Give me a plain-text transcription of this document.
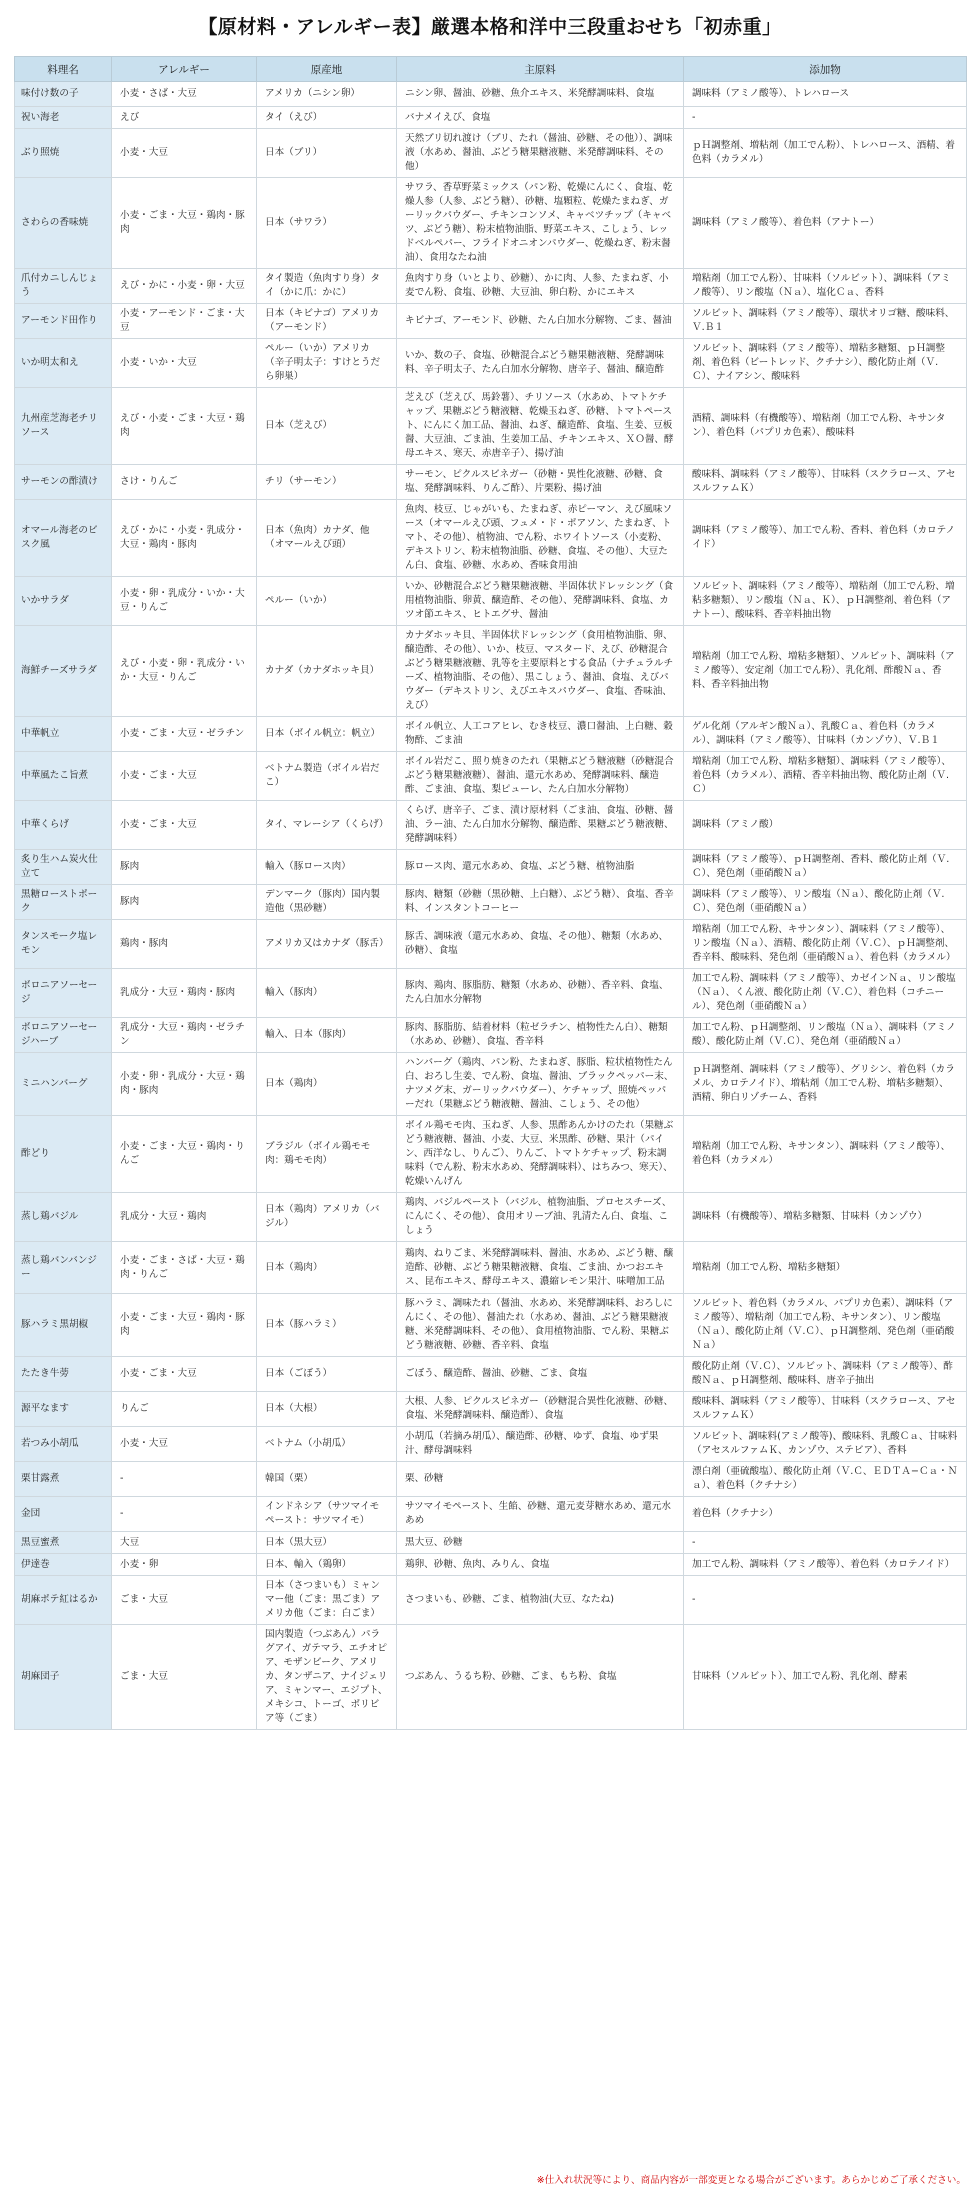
【原材料・アレルギー表】厳選本格和洋中三段重おせち「初赤重」
料理名	アレルギー	原産地	主原料	添加物
味付け数の子	小麦・さば・大豆	アメリカ（ニシン卵）	ニシン卵、醤油、砂糖、魚介エキス、米発酵調味料、食塩	調味料（アミノ酸等）、トレハロース
祝い海老	えび	タイ（えび）	バナメイえび、食塩	-
ぶり照焼	小麦・大豆	日本（ブリ）	天然ブリ切れ渡け（ブリ、たれ（醤油、砂糖、その他））、調味液（水あめ、醤油、ぶどう糖果糖液糖、米発酵調味料、その他）	ｐＨ調整剤、増粘剤（加工でん粉）、トレハロース、酒精、着色料（カラメル）
さわらの香味焼	小麦・ごま・大豆・鶏肉・豚肉	日本（サワラ）	サワラ、香草野菜ミックス（パン粉、乾燥にんにく、食塩、乾燥人参（人参、ぶどう糖）、砂糖、塩顆粒、乾燥たまねぎ、ガーリックパウダー、チキンコンソメ、キャベツチップ（キャベツ、ぶどう糖）、粉末植物油脂、野菜エキス、こしょう、レッドベルペパー、フライドオニオンパウダー、乾燥ねぎ、粉末醤油）、食用なたね油	調味料（アミノ酸等）、着色料（アナトー）
爪付カニしんじょう	えび・かに・小麦・卵・大豆	タイ製造（魚肉すり身）タイ（かに爪：かに）	魚肉すり身（いとより、砂糖）、かに肉、人参、たまねぎ、小麦でん粉、食塩、砂糖、大豆油、卵白粉、かにエキス	増粘剤（加工でん粉）、甘味料（ソルビット）、調味料（アミノ酸等）、リン酸塩（Ｎａ）、塩化Ｃａ、香料
アーモンド田作り	小麦・アーモンド・ごま・大豆	日本（キビナゴ）アメリカ（アーモンド）	キビナゴ、アーモンド、砂糖、たん白加水分解物、ごま、醤油	ソルビット、調味料（アミノ酸等）、環状オリゴ糖、酸味料、Ｖ.Ｂ１
いか明太和え	小麦・いか・大豆	ペルー（いか）アメリカ（辛子明太子：すけとうだら卵巣）	いか、数の子、食塩、砂糖混合ぶどう糖果糖液糖、発酵調味料、辛子明太子、たん白加水分解物、唐辛子、醤油、醸造酢	ソルビット、調味料（アミノ酸等）、増粘多糖類、ｐＨ調整剤、着色料（ビートレッド、クチナシ）、酸化防止剤（Ｖ.Ｃ）、ナイアシン、酸味料
九州産芝海老チリソース	えび・小麦・ごま・大豆・鶏肉	日本（芝えび）	芝えび（芝えび、馬鈴薯）、チリソース（水あめ、トマトケチャップ、果糖ぶどう糖液糖、乾燥玉ねぎ、砂糖、トマトペースト、にんにく加工品、醤油、ねぎ、醸造酢、食塩、生姜、豆板醤、大豆油、ごま油、生姜加工品、チキンエキス、ＸＯ醤、酵母エキス、寒天、赤唐辛子）、揚げ油	酒精、調味料（有機酸等）、増粘剤（加工でん粉、キサンタン）、着色料（パプリカ色素）、酸味料
サーモンの酢漬け	さけ・りんご	チリ（サーモン）	サーモン、ピクルスビネガー（砂糖・異性化液糖、砂糖、食塩、発酵調味料、りんご酢）、片栗粉、揚げ油	酸味料、調味料（アミノ酸等）、甘味料（スクラロース、アセスルファムＫ）
オマール海老のビスク風	えび・かに・小麦・乳成分・大豆・鶏肉・豚肉	日本（魚肉）カナダ、他（オマールえび頭）	魚肉、枝豆、じゃがいも、たまねぎ、赤ピーマン、えび風味ソース（オマールえび頭、フュメ・ド・ポアソン、たまねぎ、トマト、その他）、植物油、でん粉、ホワイトソース（小麦粉、デキストリン、粉末植物油脂、砂糖、食塩、その他）、大豆たん白、食塩、砂糖、水あめ、香味食用油	調味料（アミノ酸等）、加工でん粉、香料、着色料（カロテノイド）
いかサラダ	小麦・卵・乳成分・いか・大豆・りんご	ペルー（いか）	いか、砂糖混合ぶどう糖果糖液糖、半固体状ドレッシング（食用植物油脂、卵黄、醸造酢、その他）、発酵調味料、食塩、カツオ節エキス、ヒトエグサ、醤油	ソルビット、調味料（アミノ酸等）、増粘剤（加工でん粉、増粘多糖類）、リン酸塩（Ｎａ、Ｋ）、ｐＨ調整剤、着色料（アナトー）、酸味料、香辛料抽出物
海鮮チーズサラダ	えび・小麦・卵・乳成分・いか・大豆・りんご	カナダ（カナダホッキ貝）	カナダホッキ貝、半固体状ドレッシング（食用植物油脂、卵、醸造酢、その他）、いか、枝豆、マスタード、えび、砂糖混合ぶどう糖果糖液糖、乳等を主要原料とする食品（ナチュラルチーズ、植物油脂、その他）、黒こしょう、醤油、食塩、えびパウダー（デキストリン、えびエキスパウダー、食塩、香味油、えび）	増粘剤（加工でん粉、増粘多糖類）、ソルビット、調味料（アミノ酸等）、安定剤（加工でん粉）、乳化剤、酢酸Ｎａ、香料、香辛料抽出物
中華帆立	小麦・ごま・大豆・ゼラチン	日本（ボイル帆立：帆立）	ボイル帆立、人工コアヒレ、むき枝豆、濃口醤油、上白糖、穀物酢、ごま油	ゲル化剤（アルギン酸Ｎａ）、乳酸Ｃａ、着色料（カラメル）、調味料（アミノ酸等）、甘味料（カンゾウ）、Ｖ.Ｂ１
中華風たこ旨煮	小麦・ごま・大豆	ベトナム製造（ボイル岩だこ）	ボイル岩だこ、照り焼きのたれ（果糖ぶどう糖液糖（砂糖混合ぶどう糖果糖液糖）、醤油、還元水あめ、発酵調味料、醸造酢、ごま油、食塩、梨ピューレ、たん白加水分解物）	増粘剤（加工でん粉、増粘多糖類）、調味料（アミノ酸等）、着色料（カラメル）、酒精、香辛料抽出物、酸化防止剤（Ｖ.Ｃ）
中華くらげ	小麦・ごま・大豆	タイ、マレーシア（くらげ）	くらげ、唐辛子、ごま、漬け原材料（ごま油、食塩、砂糖、醤油、ラー油、たん白加水分解物、醸造酢、果糖ぶどう糖液糖、発酵調味料）	調味料（アミノ酸）
炙り生ハム炭火仕立て	豚肉	輸入（豚ロース肉）	豚ロース肉、還元水あめ、食塩、ぶどう糖、植物油脂	調味料（アミノ酸等）、ｐＨ調整剤、香料、酸化防止剤（Ｖ.Ｃ）、発色剤（亜硝酸Ｎａ）
黒糖ローストポーク	豚肉	デンマーク（豚肉）国内製造他（黒砂糖）	豚肉、糖類（砂糖（黒砂糖、上白糖）、ぶどう糖）、食塩、香辛料、インスタントコーヒー	調味料（アミノ酸等）、リン酸塩（Ｎａ）、酸化防止剤（Ｖ.Ｃ）、発色剤（亜硝酸Ｎａ）
タンスモーク塩レモン	鶏肉・豚肉	アメリカ又はカナダ（豚舌）	豚舌、調味液（還元水あめ、食塩、その他）、糖類（水あめ、砂糖）、食塩	増粘剤（加工でん粉、キサンタン）、調味料（アミノ酸等）、リン酸塩（Ｎａ）、酒精、酸化防止剤（Ｖ.Ｃ）、ｐＨ調整剤、香辛料、酸味料、発色剤（亜硝酸Ｎａ）、着色料（カラメル）
ボロニアソーセージ	乳成分・大豆・鶏肉・豚肉	輸入（豚肉）	豚肉、鶏肉、豚脂肪、糖類（水あめ、砂糖）、香辛料、食塩、たん白加水分解物	加工でん粉、調味料（アミノ酸等）、カゼインＮａ、リン酸塩（Ｎａ）、くん液、酸化防止剤（Ｖ.Ｃ）、着色料（コチニール）、発色剤（亜硝酸Ｎａ）
ボロニアソーセージハーブ	乳成分・大豆・鶏肉・ゼラチン	輸入、日本（豚肉）	豚肉、豚脂肪、結着材料（粒ゼラチン、植物性たん白）、糖類（水あめ、砂糖）、食塩、香辛料	加工でん粉、ｐＨ調整剤、リン酸塩（Ｎａ）、調味料（アミノ酸）、酸化防止剤（Ｖ.Ｃ）、発色剤（亜硝酸Ｎａ）
ミニハンバーグ	小麦・卵・乳成分・大豆・鶏肉・豚肉	日本（鶏肉）	ハンバーグ（鶏肉、パン粉、たまねぎ、豚脂、粒状植物性たん白、おろし生姜、でん粉、食塩、醤油、ブラックペッパー末、ナツメグ末、ガーリックパウダー）、ケチャップ、照焼ペッパーだれ（果糖ぶどう糖液糖、醤油、こしょう、その他）	ｐＨ調整剤、調味料（アミノ酸等）、グリシン、着色料（カラメル、カロテノイド）、増粘剤（加工でん粉、増粘多糖類）、酒精、卵白リゾチーム、香料
酢どり	小麦・ごま・大豆・鶏肉・りんご	ブラジル（ボイル鶏モモ肉：鶏モモ肉）	ボイル鶏モモ肉、玉ねぎ、人参、黒酢あんかけのたれ（果糖ぶどう糖液糖、醤油、小麦、大豆、米黒酢、砂糖、果汁（パイン、西洋なし、りんご）、りんご、トマトケチャップ、粉末調味料（でん粉、粉末水あめ、発酵調味料）、はちみつ、寒天）、乾燥いんげん	増粘剤（加工でん粉、キサンタン）、調味料（アミノ酸等）、着色料（カラメル）
蒸し鶏バジル	乳成分・大豆・鶏肉	日本（鶏肉）アメリカ（バジル）	鶏肉、バジルペースト（バジル、植物油脂、プロセスチーズ、にんにく、その他）、食用オリーブ油、乳清たん白、食塩、こしょう	調味料（有機酸等）、増粘多糖類、甘味料（カンゾウ）
蒸し鶏バンバンジー	小麦・ごま・さば・大豆・鶏肉・りんご	日本（鶏肉）	鶏肉、ねりごま、米発酵調味料、醤油、水あめ、ぶどう糖、醸造酢、砂糖、ぶどう糖果糖液糖、食塩、ごま油、かつおエキス、昆布エキス、酵母エキス、濃縮レモン果汁、味噌加工品	増粘剤（加工でん粉、増粘多糖類）
豚ハラミ黒胡椒	小麦・ごま・大豆・鶏肉・豚肉	日本（豚ハラミ）	豚ハラミ、調味たれ（醤油、水あめ、米発酵調味料、おろしにんにく、その他）、醤油たれ（水あめ、醤油、ぶどう糖果糖液糖、米発酵調味料、その他）、食用植物油脂、でん粉、果糖ぶどう糖液糖、砂糖、香辛料、食塩	ソルビット、着色料（カラメル、パプリカ色素）、調味料（アミノ酸等）、増粘剤（加工でん粉、キサンタン）、リン酸塩（Ｎａ）、酸化防止剤（Ｖ.Ｃ）、ｐＨ調整剤、発色剤（亜硝酸Ｎａ）
たたき牛蒡	小麦・ごま・大豆	日本（ごぼう）	ごぼう、醸造酢、醤油、砂糖、ごま、食塩	酸化防止剤（Ｖ.Ｃ）、ソルビット、調味料（アミノ酸等）、酢酸Ｎａ、ｐＨ調整剤、酸味料、唐辛子抽出
源平なます	りんご	日本（大根）	大根、人参、ピクルスビネガー（砂糖混合異性化液糖、砂糖、食塩、米発酵調味料、醸造酢）、食塩	酸味料、調味料（アミノ酸等）、甘味料（スクラロース、アセスルファムＫ）
若つみ小胡瓜	小麦・大豆	ベトナム（小胡瓜）	小胡瓜（若摘み胡瓜）、醸造酢、砂糖、ゆず、食塩、ゆず果汁、酵母調味料	ソルビット、調味料(アミノ酸等)、酸味料、乳酸Ｃａ、甘味料（アセスルファムＫ、カンゾウ、ステビア）、香料
栗甘露煮	-	韓国（栗）	栗、砂糖	漂白剤（亜硫酸塩）、酸化防止剤（Ｖ.Ｃ、ＥＤＴＡ−Ｃａ・Ｎａ）、着色料（クチナシ）
金団	-	インドネシア（サツマイモペースト：サツマイモ）	サツマイモペースト、生餡、砂糖、還元麦芽糖水あめ、還元水あめ	着色料（クチナシ）
黒豆蜜煮	大豆	日本（黒大豆）	黒大豆、砂糖	-
伊達巻	小麦・卵	日本、輸入（鶏卵）	鶏卵、砂糖、魚肉、みりん、食塩	加工でん粉、調味料（アミノ酸等）、着色料（カロテノイド）
胡麻ポテ紅はるか	ごま・大豆	日本（さつまいも）ミャンマー他（ごま：黒ごま）アメリカ他（ごま：白ごま）	さつまいも、砂糖、ごま、植物油(大豆、なたね)	-
胡麻団子	ごま・大豆	国内製造（つぶあん）パラグアイ、ガテマラ、エチオピア、モザンビーク、アメリカ、タンザニア、ナイジェリア、ミャンマー、エジプト、メキシコ、トーゴ、ボリビア等（ごま）	つぶあん、うるち粉、砂糖、ごま、もち粉、食塩	甘味料（ソルビット）、加工でん粉、乳化剤、酵素
※仕入れ状況等により、商品内容が一部変更となる場合がございます。あらかじめご了承ください。
